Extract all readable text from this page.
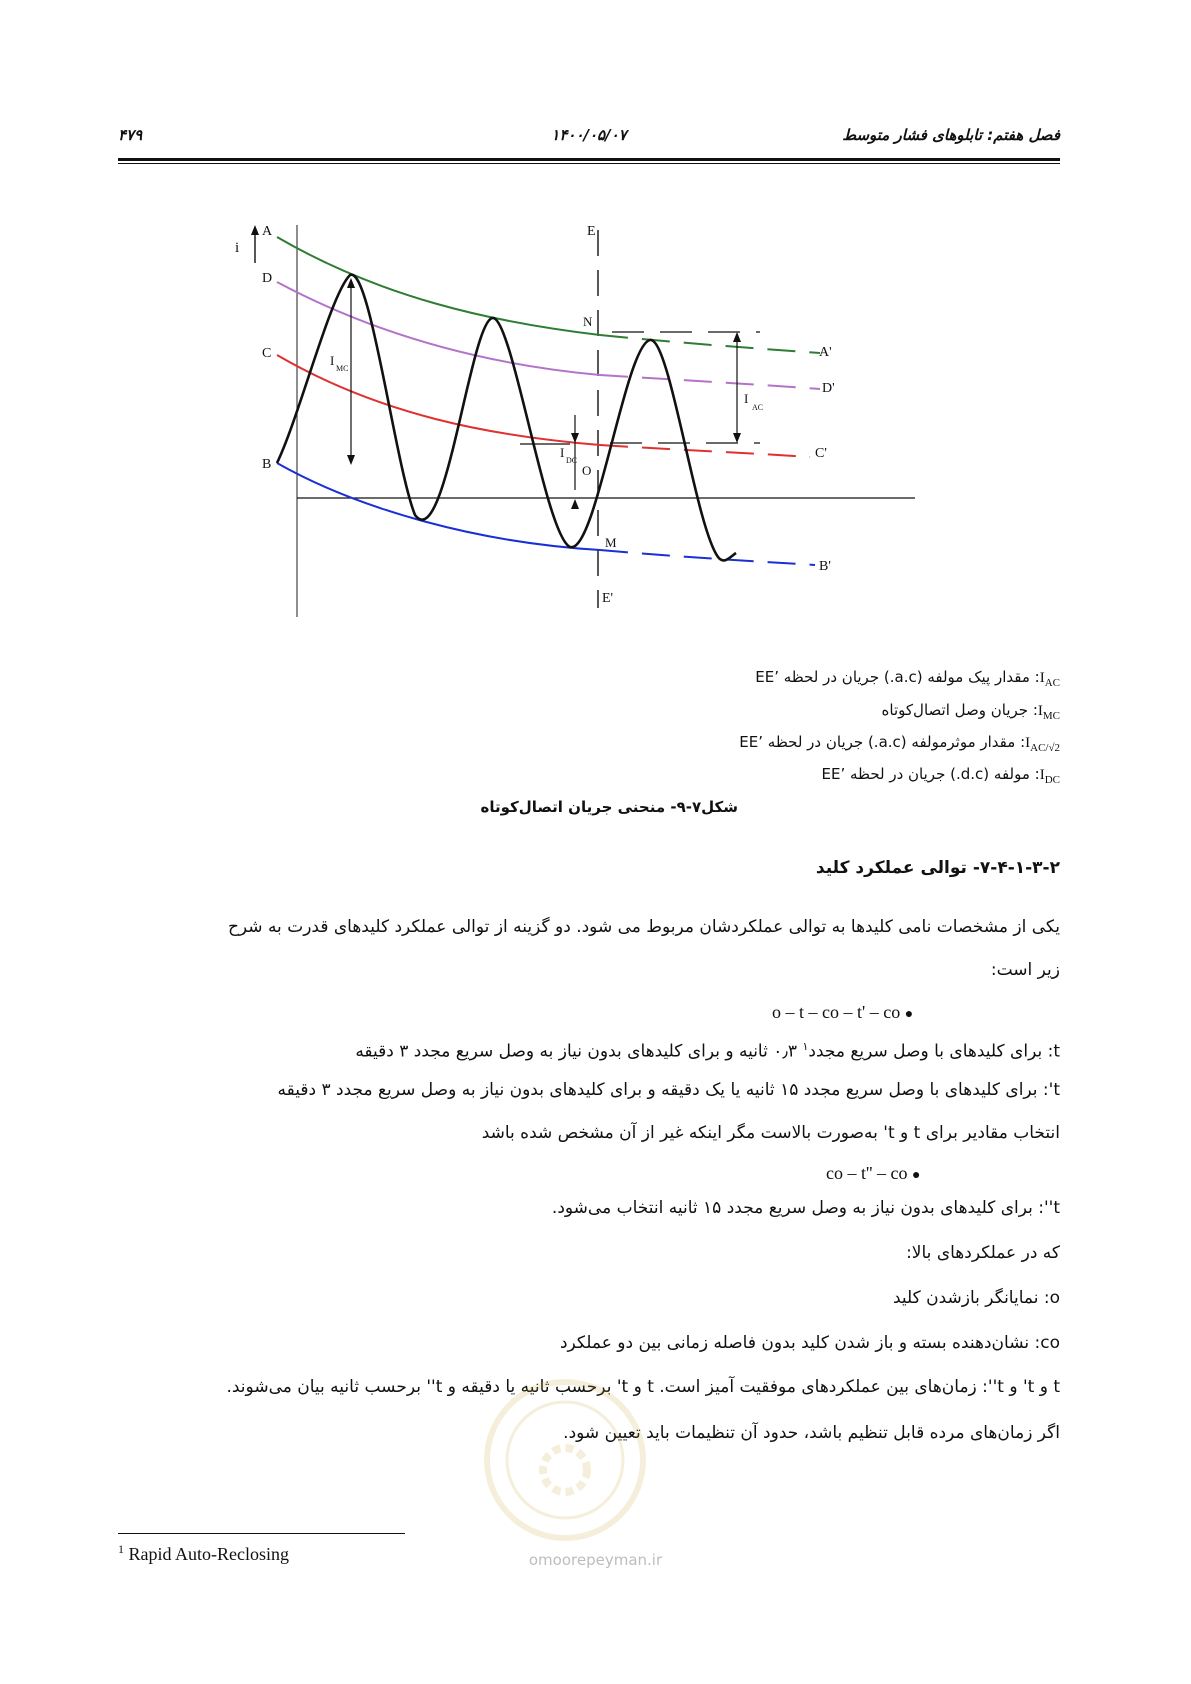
فصل هفتم: تابلوهای فشار متوسط
۱۴۰۰/۰۵/۰۷
۴۷۹
i
A
D
C
B
E
E'
N
M
O
A'
D'
C'
B'
I
MC
I
AC
I
DC
$I_{AC}$: مقدار پیک مولفه (a.c.) جریان در لحظه ’EE
$I_{MC}$: جریان وصل اتصال‌کوتاه
$I_{AC/√2}$: مقدار موثرمولفه (a.c.) جریان در لحظه ’EE
$I_{DC}$: مولفه (d.c.) جریان در لحظه ’EE
شکل۷-۹- منحنی جریان اتصال‌کوتاه
۷-۴-۱-۳-۲- توالی عملکرد کلید
یکی از مشخصات نامی کلیدها به توالی عملکردشان مربوط می شود. دو گزینه از توالی عملکرد کلیدهای قدرت به شرح
زیر است:
o – t – co – t' – co ●
t: برای کلیدهای با وصل سریع مجدد$^۱$ ۰٫۳ ثانیه و برای کلیدهای بدون نیاز به وصل سریع مجدد ۳ دقیقه
t': برای کلیدهای با وصل سریع مجدد ۱۵ ثانیه یا یک دقیقه و برای کلیدهای بدون نیاز به وصل سریع مجدد ۳ دقیقه
انتخاب مقادیر برای t و t' به‌صورت بالاست مگر اینکه غیر از آن مشخص شده باشد
co – t'' – co ●
t'': برای کلیدهای بدون نیاز به وصل سریع مجدد ۱۵ ثانیه انتخاب می‌شود.
که در عملکردهای بالا:
o: نمایانگر بازشدن کلید
co: نشان‌دهنده بسته و باز شدن کلید بدون فاصله زمانی بین دو عملکرد
t و t' و t'': زمان‌های بین عملکردهای موفقیت آمیز است. t و t' برحسب ثانیه یا دقیقه و t'' برحسب ثانیه بیان می‌شوند.
اگر زمان‌های مرده قابل تنظیم باشد، حدود آن تنظیمات باید تعیین شود.
omoorepeyman.ir
$^1$ Rapid Auto-Reclosing
